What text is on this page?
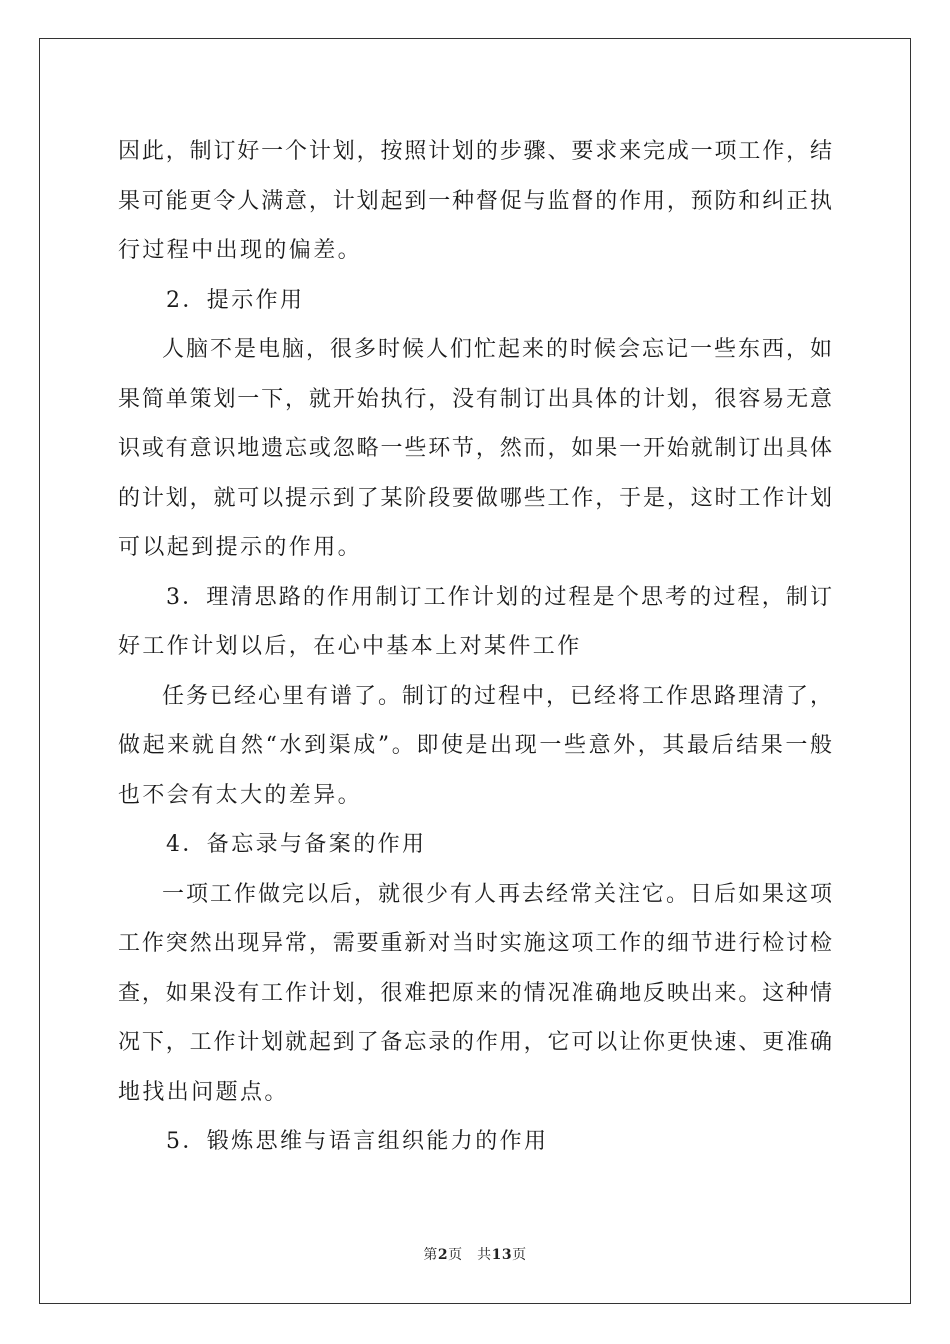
因此，制订好一个计划，按照计划的步骤、要求来完成一项工作，结
果可能更令人满意，计划起到一种督促与监督的作用，预防和纠正执
行过程中出现的偏差。
2．提示作用
人脑不是电脑，很多时候人们忙起来的时候会忘记一些东西，如
果简单策划一下，就开始执行，没有制订出具体的计划，很容易无意
识或有意识地遗忘或忽略一些环节，然而，如果一开始就制订出具体
的计划，就可以提示到了某阶段要做哪些工作，于是，这时工作计划
可以起到提示的作用。
3．理清思路的作用制订工作计划的过程是个思考的过程，制订
好工作计划以后，在心中基本上对某件工作
任务已经心里有谱了。制订的过程中，已经将工作思路理清了，
做起来就自然“水到渠成”。即使是出现一些意外，其最后结果一般
也不会有太大的差异。
4．备忘录与备案的作用
一项工作做完以后，就很少有人再去经常关注它。日后如果这项
工作突然出现异常，需要重新对当时实施这项工作的细节进行检讨检
查，如果没有工作计划，很难把原来的情况准确地反映出来。这种情
况下，工作计划就起到了备忘录的作用，它可以让你更快速、更准确
地找出问题点。
5．锻炼思维与语言组织能力的作用
第2页　共13页
